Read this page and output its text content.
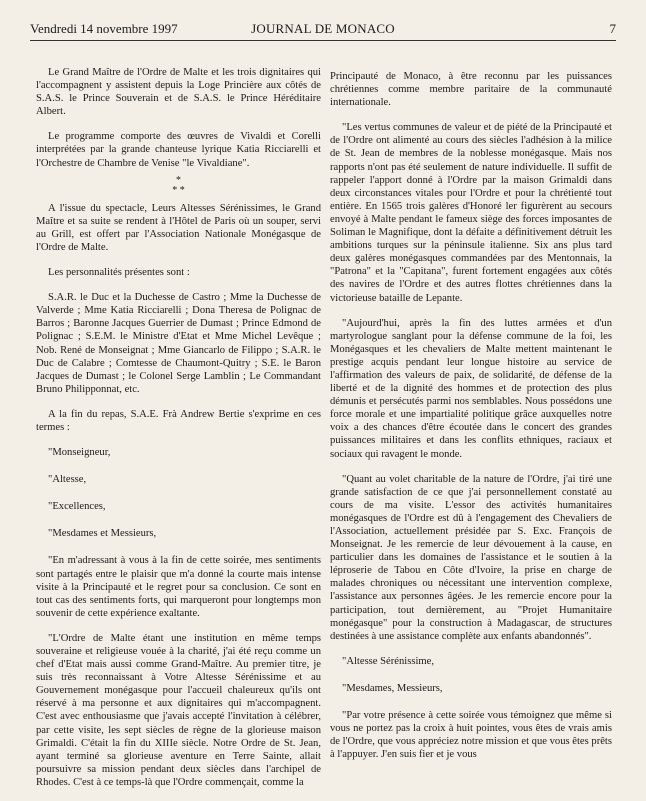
Vendredi 14 novembre 1997	JOURNAL DE MONACO	7

Le Grand Maître de l'Ordre de Malte et les trois dignitaires qui l'accompagnent y assistent depuis la Loge Princière aux côtés de S.A.S. le Prince Souverain et de S.A.S. le Prince Héréditaire Albert.

Le programme comporte des œuvres de Vivaldi et Corelli interprétées par la grande chanteuse lyrique Katia Ricciarelli et l'Orchestre de Chambre de Venise "le Vivaldiane".

*
* *

A l'issue du spectacle, Leurs Altesses Sérénissimes, le Grand Maître et sa suite se rendent à l'Hôtel de Paris où un souper, servi au Grill, est offert par l'Association Nationale Monégasque de l'Ordre de Malte.

Les personnalités présentes sont :

S.A.R. le Duc et la Duchesse de Castro ; Mme la Duchesse de Valverde ; Mme Katia Ricciarelli ; Dona Theresa de Polignac de Barros ; Baronne Jacques Guerrier de Dumast ; Prince Edmond de Polignac ; S.E.M. le Ministre d'Etat et Mme Michel Levêque ; Nob. René de Monseignat ; Mme Giancarlo de Filippo ; S.A.R. le Duc de Calabre ; Comtesse de Chaumont-Quitry ; S.E. le Baron Jacques de Dumast ; le Colonel Serge Lamblin ; Le Commandant Bruno Philipponnat, etc.

A la fin du repas, S.A.E. Frà Andrew Bertie s'exprime en ces termes :

"Monseigneur,

"Altesse,

"Excellences,

"Mesdames et Messieurs,

"En m'adressant à vous à la fin de cette soirée, mes sentiments sont partagés entre le plaisir que m'a donné la courte mais intense visite à la Principauté et le regret pour sa conclusion. Ce sont en tout cas des sentiments forts, qui marqueront pour longtemps mon souvenir de cette expérience exaltante.

"L'Ordre de Malte étant une institution en même temps souveraine et religieuse vouée à la charité, j'ai été reçu comme un chef d'Etat mais aussi comme Grand-Maître. Au premier titre, je suis très reconnaissant à Votre Altesse Sérénissime et au Gouvernement monégasque pour l'accueil chaleureux qu'ils ont réservé à ma personne et aux dignitaires qui m'accompagnent. C'est avec enthousiasme que j'avais accepté l'invitation à célébrer, par cette visite, les sept siècles de règne de la glorieuse maison Grimaldi. C'était la fin du XIIIe siècle. Notre Ordre de St. Jean, ayant terminé sa glorieuse aventure en Terre Sainte, allait poursuivre sa mission pendant deux siècles dans l'archipel de Rhodes. C'est à ce temps-là que l'Ordre commençait, comme la

Principauté de Monaco, à être reconnu par les puissances chrétiennes comme membre paritaire de la communauté internationale.

"Les vertus communes de valeur et de piété de la Principauté et de l'Ordre ont alimenté au cours des siècles l'adhésion à la milice de St. Jean de membres de la noblesse monégasque. Mais nos rapports n'ont pas été seulement de nature individuelle. Il suffit de rappeler l'apport donné à l'Ordre par la maison Grimaldi dans deux circonstances vitales pour l'Ordre et pour la chrétienté tout entière. En 1565 trois galères d'Honoré ler figurèrent au secours envoyé à Malte pendant le fameux siège des forces imposantes de Soliman le Magnifique, dont la défaite a définitivement détruit les ambitions turques sur la péninsule italienne. Six ans plus tard deux galères monégasques commandées par des Mentonnais, la "Patrona" et la "Capitana", furent fortement engagées aux côtés des navires de l'Ordre et des autres flottes chrétiennes dans la victorieuse bataille de Lepante.

"Aujourd'hui, après la fin des luttes armées et d'un martyrologue sanglant pour la défense commune de la foi, les Monégasques et les chevaliers de Malte mettent maintenant le prestige acquis pendant leur longue histoire au service de l'affirmation des valeurs de paix, de solidarité, de défense de la liberté et de la dignité des hommes et de protection des plus démunis et persécutés parmi nos semblables. Nous possédons une force morale et une impartialité politique grâce auxquelles notre voix a des chances d'être écoutée dans le concert des grandes puissances militaires et dans les conflits ethniques, raciaux et sociaux qui ravagent le monde.

"Quant au volet charitable de la nature de l'Ordre, j'ai tiré une grande satisfaction de ce que j'ai personnellement constaté au cours de ma visite. L'essor des activités humanitaires monégasques de l'Ordre est dû à l'engagement des Chevaliers de l'Association, actuellement présidée par S. Exc. François de Monseignat. Je les remercie de leur dévouement à la cause, en particulier dans les domaines de l'assistance et le soutien à la léproserie de Tabou en Côte d'Ivoire, la prise en charge de malades chroniques ou nécessitant une intervention complexe, l'assistance aux personnes âgées. Je les remercie encore pour la participation, tout dernièrement, au "Projet Humanitaire monégasque" pour la construction à Madagascar, de structures destinées à une assistance complète aux enfants abandonnés".

"Altesse Sérénissime,

"Mesdames, Messieurs,

"Par votre présence à cette soirée vous témoignez que même si vous ne portez pas la croix à huit pointes, vous êtes de vrais amis de l'Ordre, que vous appréciez notre mission et que vous êtes prêts à l'appuyer. J'en suis fier et je vous
